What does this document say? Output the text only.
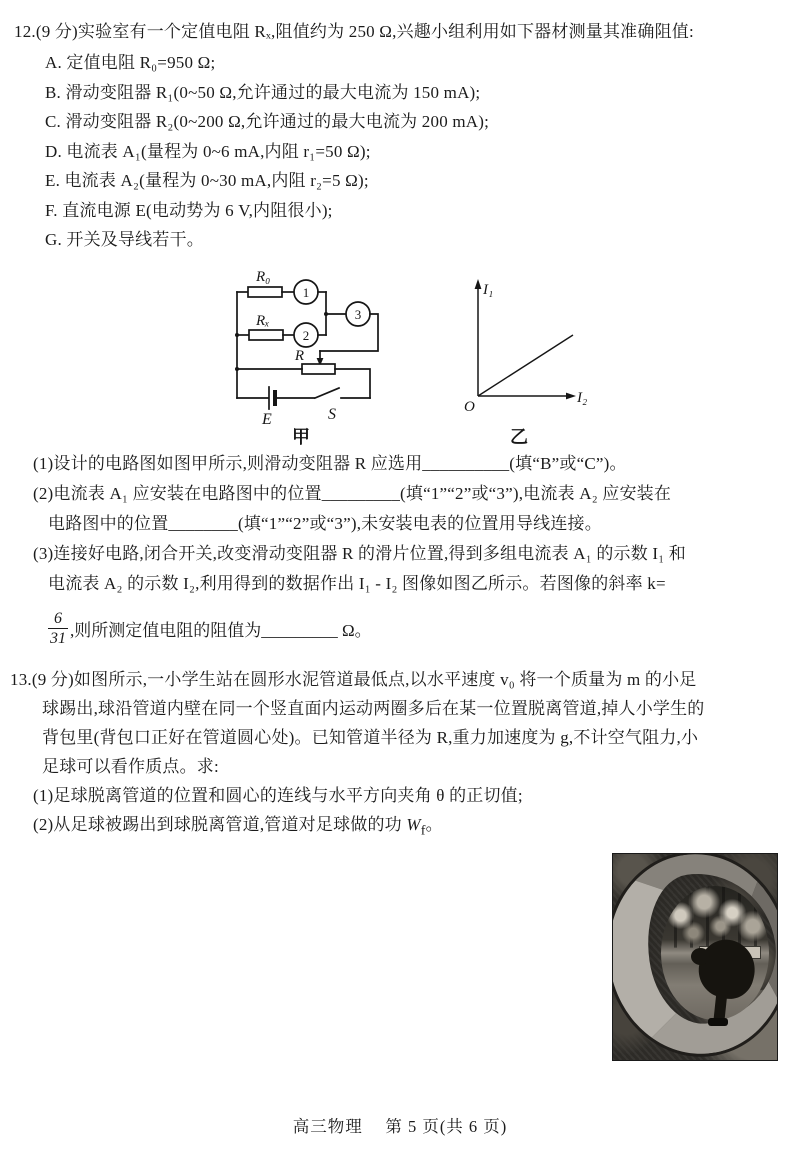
12.(9 分)实验室有一个定值电阻 Rₓ,阻值约为 250 Ω,兴趣小组利用如下器材测量其准确阻值:
A. 定值电阻 R₀=950 Ω;
B. 滑动变阻器 R₁(0~50 Ω,允许通过的最大电流为 150 mA);
C. 滑动变阻器 R₂(0~200 Ω,允许通过的最大电流为 200 mA);
D. 电流表 A₁(量程为 0~6 mA,内阻 r₁=50 Ω);
E. 电流表 A₂(量程为 0~30 mA,内阻 r₂=5 Ω);
F. 直流电源 E(电动势为 6 V,内阻很小);
G. 开关及导线若干。
R₀
Rₓ
1
2
3
R
E	S
甲
I₁
I₂
O
乙
(1)设计的电路图如图甲所示,则滑动变阻器 R 应选用__________(填“B”或“C”)。
(2)电流表 A₁ 应安装在电路图中的位置_________(填“1”“2”或“3”),电流表 A₂ 应安装在
电路图中的位置________(填“1”“2”或“3”),未安装电表的位置用导线连接。
(3)连接好电路,闭合开关,改变滑动变阻器 R 的滑片位置,得到多组电流表 A₁ 的示数 I₁ 和
电流表 A₂ 的示数 I₂,利用得到的数据作出 I₁ - I₂ 图像如图乙所示。若图像的斜率 k=
$\frac{6}{31}$ ,则所测定值电阻的阻值为_________ Ω。
13.(9 分)如图所示,一小学生站在圆形水泥管道最低点,以水平速度 v₀ 将一个质量为 m 的小足
球踢出,球沿管道内壁在同一个竖直面内运动两圈多后在某一位置脱离管道,掉人小学生的
背包里(背包口正好在管道圆心处)。已知管道半径为 R,重力加速度为 g,不计空气阻力,小
足球可以看作质点。求:
(1)足球脱离管道的位置和圆心的连线与水平方向夹角 θ 的正切值;
(2)从足球被踢出到球脱离管道,管道对足球做的功 $W_f$。
高三物理　 第 5 页(共 6 页)
